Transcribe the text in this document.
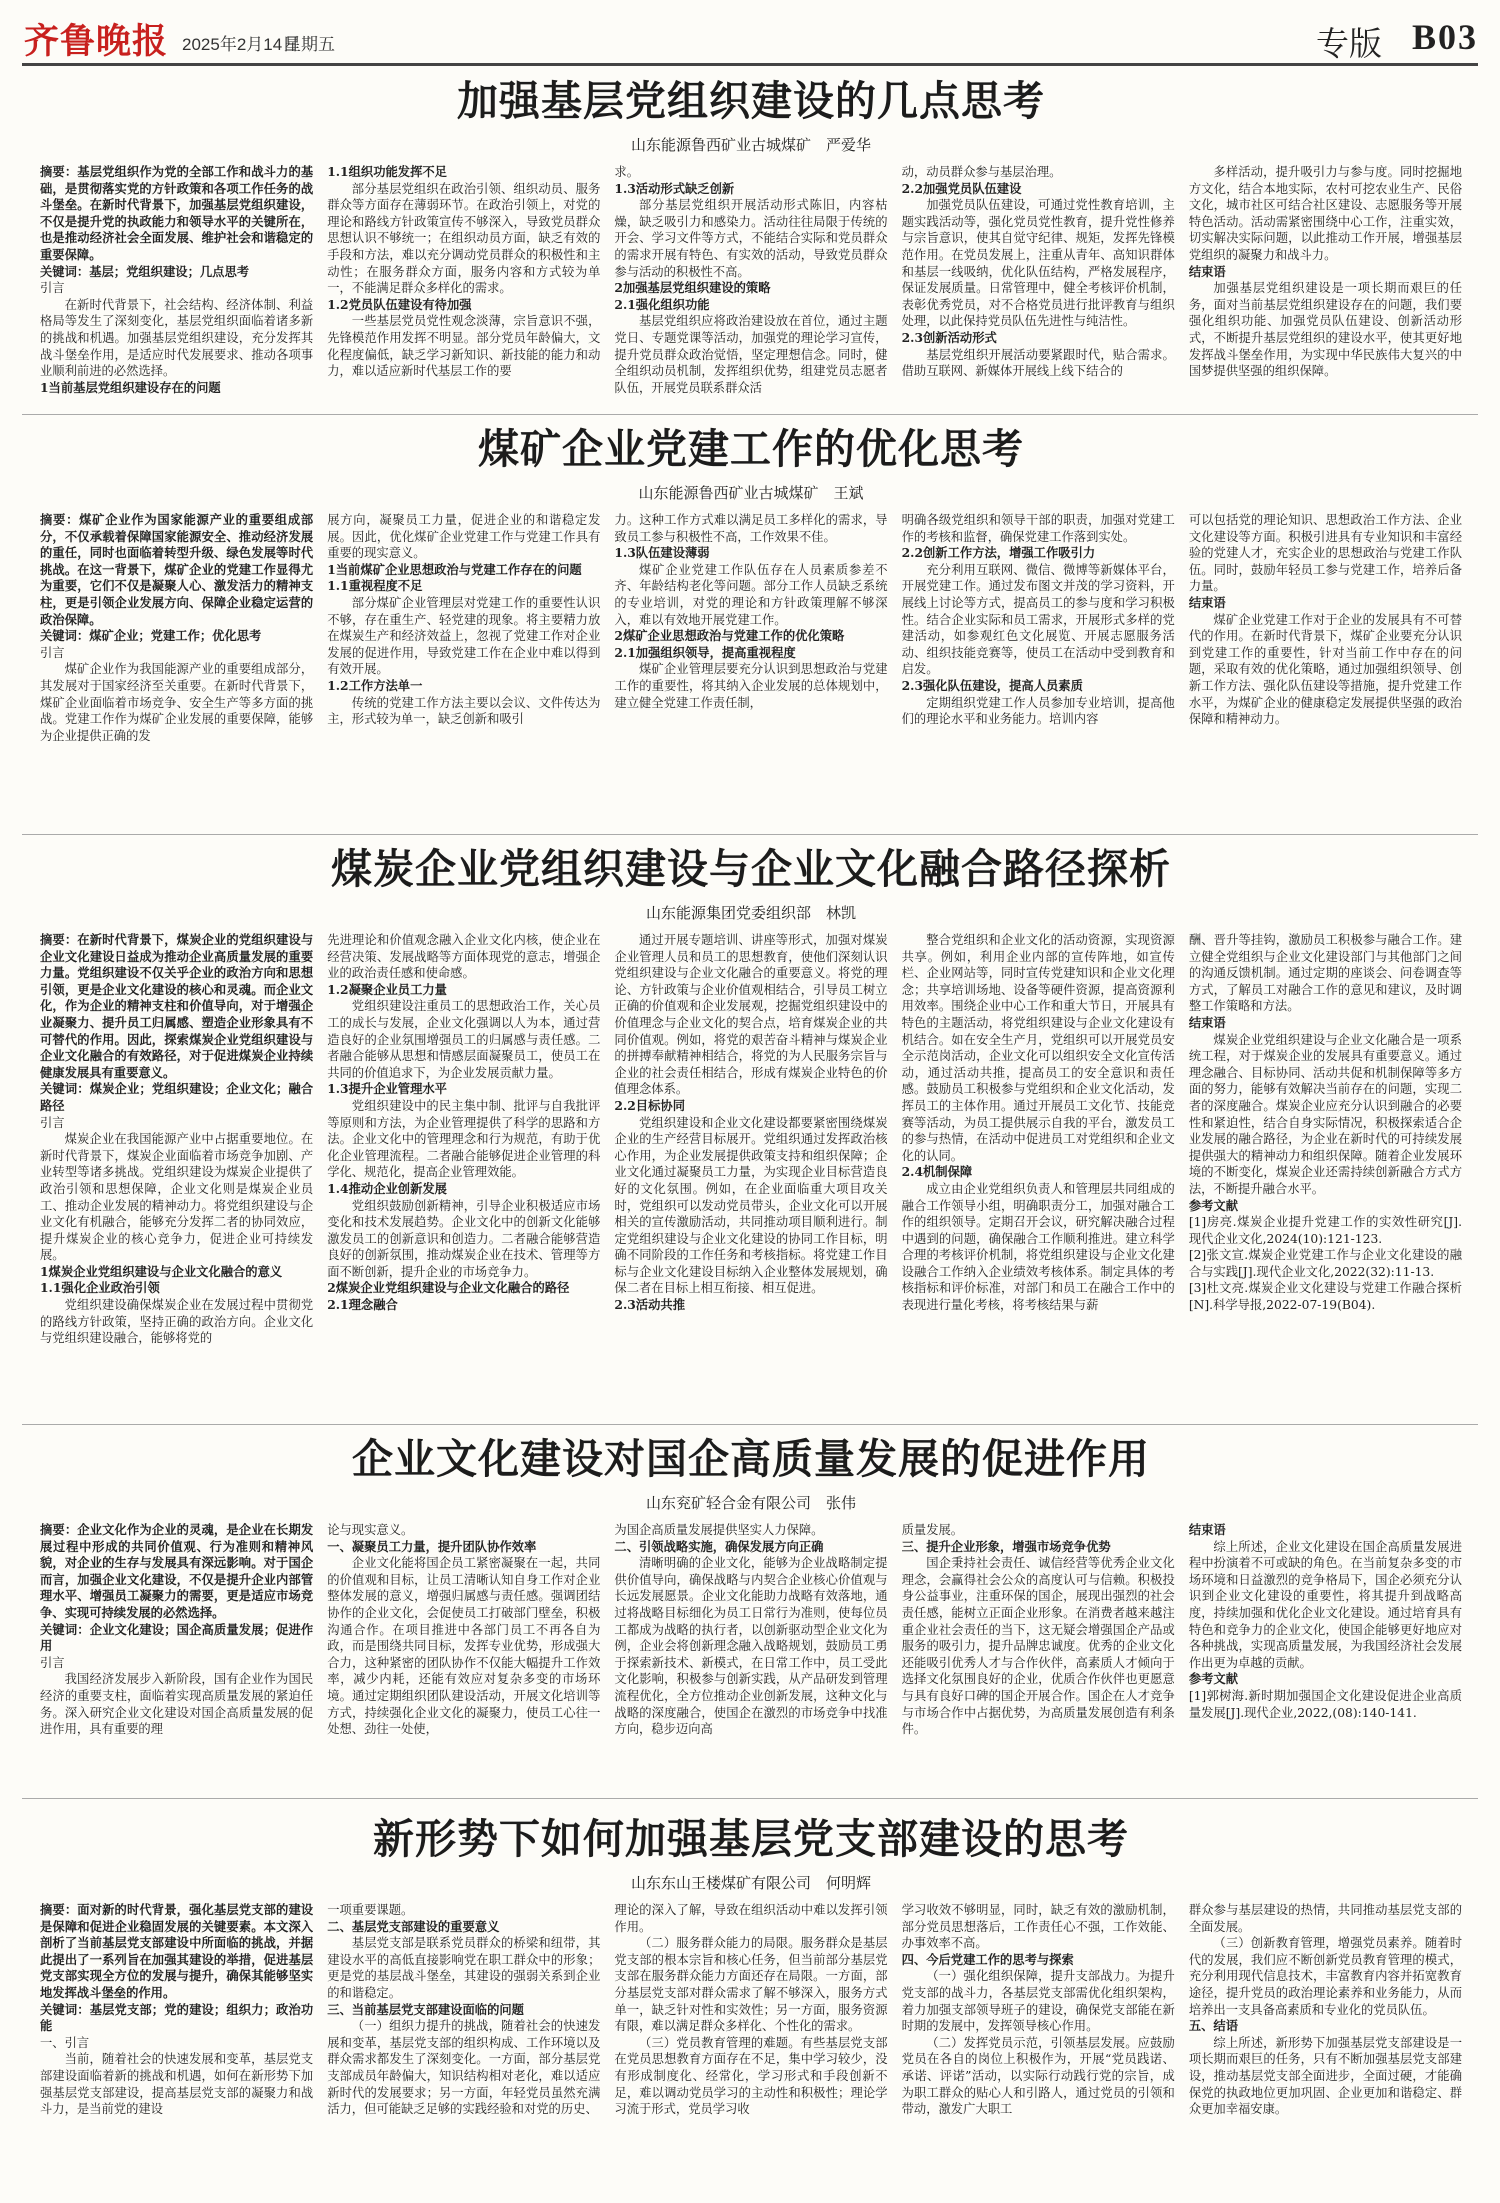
齐鲁晚报 2025年2月14日
星期五	专版 B03
加强基层党组织建设的几点思考
山东能源鲁西矿业古城煤矿　严爱华

摘要：基层党组织作为党的全部工作和战斗力的基础，是贯彻落实党的方针政策和各项工作任务的战斗堡垒。在新时代背景下，加强基层党组织建设，不仅是提升党的执政能力和领导水平的关键所在，也是推动经济社会全面发展、维护社会和谐稳定的重要保障。

关键词：基层；党组织建设；几点思考

引言

在新时代背景下，社会结构、经济体制、利益格局等发生了深刻变化，基层党组织面临着诸多新的挑战和机遇。加强基层党组织建设，充分发挥其战斗堡垒作用，是适应时代发展要求、推动各项事业顺利前进的必然选择。

1当前基层党组织建设存在的问题

1.1组织功能发挥不足

部分基层党组织在政治引领、组织动员、服务群众等方面存在薄弱环节。在政治引领上，对党的理论和路线方针政策宣传不够深入，导致党员群众思想认识不够统一；在组织动员方面，缺乏有效的手段和方法，难以充分调动党员群众的积极性和主动性；在服务群众方面，服务内容和方式较为单一，不能满足群众多样化的需求。

1.2党员队伍建设有待加强

一些基层党员党性观念淡薄，宗旨意识不强，先锋模范作用发挥不明显。部分党员年龄偏大，文化程度偏低，缺乏学习新知识、新技能的能力和动力，难以适应新时代基层工作的要

求。

1.3活动形式缺乏创新

部分基层党组织开展活动形式陈旧，内容枯燥，缺乏吸引力和感染力。活动往往局限于传统的开会、学习文件等方式，不能结合实际和党员群众的需求开展有特色、有实效的活动，导致党员群众参与活动的积极性不高。

2加强基层党组织建设的策略

2.1强化组织功能

基层党组织应将政治建设放在首位，通过主题党日、专题党课等活动，加强党的理论学习宣传，提升党员群众政治觉悟，坚定理想信念。同时，健全组织动员机制，发挥组织优势，组建党员志愿者队伍，开展党员联系群众活

动，动员群众参与基层治理。

2.2加强党员队伍建设

加强党员队伍建设，可通过党性教育培训，主题实践活动等，强化党员党性教育，提升党性修养与宗旨意识，使其自觉守纪律、规矩，发挥先锋模范作用。在党员发展上，注重从青年、高知识群体和基层一线吸纳，优化队伍结构，严格发展程序，保证发展质量。日常管理中，健全考核评价机制，表彰优秀党员，对不合格党员进行批评教育与组织处理，以此保持党员队伍先进性与纯洁性。

2.3创新活动形式

基层党组织开展活动要紧跟时代，贴合需求。借助互联网、新媒体开展线上线下结合的

多样活动，提升吸引力与参与度。同时挖掘地方文化，结合本地实际，农村可挖农业生产、民俗文化，城市社区可结合社区建设、志愿服务等开展特色活动。活动需紧密围绕中心工作，注重实效，切实解决实际问题，以此推动工作开展，增强基层党组织的凝聚力和战斗力。

结束语

加强基层党组织建设是一项长期而艰巨的任务，面对当前基层党组织建设存在的问题，我们要强化组织功能、加强党员队伍建设、创新活动形式，不断提升基层党组织的建设水平，使其更好地发挥战斗堡垒作用，为实现中华民族伟大复兴的中国梦提供坚强的组织保障。

煤矿企业党建工作的优化思考
山东能源鲁西矿业古城煤矿　王斌

摘要：煤矿企业作为国家能源产业的重要组成部分，不仅承载着保障国家能源安全、推动经济发展的重任，同时也面临着转型升级、绿色发展等时代挑战。在这一背景下，煤矿企业的党建工作显得尤为重要，它们不仅是凝聚人心、激发活力的精神支柱，更是引领企业发展方向、保障企业稳定运营的政治保障。

关键词：煤矿企业；党建工作；优化思考

引言

煤矿企业作为我国能源产业的重要组成部分，其发展对于国家经济至关重要。在新时代背景下，煤矿企业面临着市场竞争、安全生产等多方面的挑战。党建工作作为煤矿企业发展的重要保障，能够为企业提供正确的发

展方向，凝聚员工力量，促进企业的和谐稳定发展。因此，优化煤矿企业党建工作与党建工作具有重要的现实意义。

1当前煤矿企业思想政治与党建工作存在的问题

1.1重视程度不足

部分煤矿企业管理层对党建工作的重要性认识不够，存在重生产、轻党建的现象。将主要精力放在煤炭生产和经济效益上，忽视了党建工作对企业发展的促进作用，导致党建工作在企业中难以得到有效开展。

1.2工作方法单一

传统的党建工作方法主要以会议、文件传达为主，形式较为单一，缺乏创新和吸引

力。这种工作方式难以满足员工多样化的需求，导致员工参与积极性不高，工作效果不佳。

1.3队伍建设薄弱

煤矿企业党建工作队伍存在人员素质参差不齐、年龄结构老化等问题。部分工作人员缺乏系统的专业培训，对党的理论和方针政策理解不够深入，难以有效地开展党建工作。

2煤矿企业思想政治与党建工作的优化策略

2.1加强组织领导，提高重视程度

煤矿企业管理层要充分认识到思想政治与党建工作的重要性，将其纳入企业发展的总体规划中，建立健全党建工作责任制，

明确各级党组织和领导干部的职责，加强对党建工作的考核和监督，确保党建工作落到实处。

2.2创新工作方法，增强工作吸引力

充分利用互联网、微信、微博等新媒体平台，开展党建工作。通过发布图文并茂的学习资料，开展线上讨论等方式，提高员工的参与度和学习积极性。结合企业实际和员工需求，开展形式多样的党建活动，如参观红色文化展览、开展志愿服务活动、组织技能竞赛等，使员工在活动中受到教育和启发。

2.3强化队伍建设，提高人员素质

定期组织党建工作人员参加专业培训，提高他们的理论水平和业务能力。培训内容

可以包括党的理论知识、思想政治工作方法、企业文化建设等方面。积极引进具有专业知识和丰富经验的党建人才，充实企业的思想政治与党建工作队伍。同时，鼓励年轻员工参与党建工作，培养后备力量。

结束语

煤矿企业党建工作对于企业的发展具有不可替代的作用。在新时代背景下，煤矿企业要充分认识到党建工作的重要性，针对当前工作中存在的问题，采取有效的优化策略，通过加强组织领导、创新工作方法、强化队伍建设等措施，提升党建工作水平，为煤矿企业的健康稳定发展提供坚强的政治保障和精神动力。

煤炭企业党组织建设与企业文化融合路径探析
山东能源集团党委组织部　林凯

摘要：在新时代背景下，煤炭企业的党组织建设与企业文化建设日益成为推动企业高质量发展的重要力量。党组织建设不仅关乎企业的政治方向和思想引领，更是企业文化建设的核心和灵魂。而企业文化，作为企业的精神支柱和价值导向，对于增强企业凝聚力、提升员工归属感、塑造企业形象具有不可替代的作用。因此，探索煤炭企业党组织建设与企业文化融合的有效路径，对于促进煤炭企业持续健康发展具有重要意义。

关键词：煤炭企业；党组织建设；企业文化；融合路径

引言

煤炭企业在我国能源产业中占据重要地位。在新时代背景下，煤炭企业面临着市场竞争加剧、产业转型等诸多挑战。党组织建设为煤炭企业提供了政治引领和思想保障，企业文化则是煤炭企业员工、推动企业发展的精神动力。将党组织建设与企业文化有机融合，能够充分发挥二者的协同效应，提升煤炭企业的核心竞争力，促进企业可持续发展。

1煤炭企业党组织建设与企业文化融合的意义

1.1强化企业政治引领

党组织建设确保煤炭企业在发展过程中贯彻党的路线方针政策，坚持正确的政治方向。企业文化与党组织建设融合，能够将党的

先进理论和价值观念融入企业文化内核，使企业在经营决策、发展战略等方面体现党的意志，增强企业的政治责任感和使命感。

1.2凝聚企业员工力量

党组织建设注重员工的思想政治工作，关心员工的成长与发展，企业文化强调以人为本，通过营造良好的企业氛围增强员工的归属感与责任感。二者融合能够从思想和情感层面凝聚员工，使员工在共同的价值追求下，为企业发展贡献力量。

1.3提升企业管理水平

党组织建设中的民主集中制、批评与自我批评等原则和方法，为企业管理提供了科学的思路和方法。企业文化中的管理理念和行为规范，有助于优化企业管理流程。二者融合能够促进企业管理的科学化、规范化，提高企业管理效能。

1.4推动企业创新发展

党组织鼓励创新精神，引导企业积极适应市场变化和技术发展趋势。企业文化中的创新文化能够激发员工的创新意识和创造力。二者融合能够营造良好的创新氛围，推动煤炭企业在技术、管理等方面不断创新，提升企业的市场竞争力。

2煤炭企业党组织建设与企业文化融合的路径

2.1理念融合

通过开展专题培训、讲座等形式，加强对煤炭企业管理人员和员工的思想教育，使他们深刻认识党组织建设与企业文化融合的重要意义。将党的理论、方针政策与企业价值观相结合，引导员工树立正确的价值观和企业发展观，挖掘党组织建设中的价值理念与企业文化的契合点，培育煤炭企业的共同价值观。例如，将党的艰苦奋斗精神与煤炭企业的拼搏奉献精神相结合，将党的为人民服务宗旨与企业的社会责任相结合，形成有煤炭企业特色的价值理念体系。

2.2目标协同

党组织建设和企业文化建设都要紧密围绕煤炭企业的生产经营目标展开。党组织通过发挥政治核心作用，为企业发展提供政策支持和组织保障；企业文化通过凝聚员工力量，为实现企业目标营造良好的文化氛围。例如，在企业面临重大项目攻关时，党组织可以发动党员带头，企业文化可以开展相关的宣传激励活动，共同推动项目顺利进行。制定党组织建设与企业文化建设的协同工作目标，明确不同阶段的工作任务和考核指标。将党建工作目标与企业文化建设目标纳入企业整体发展规划，确保二者在目标上相互衔接、相互促进。

2.3活动共推

整合党组织和企业文化的活动资源，实现资源共享。例如，利用企业内部的宣传阵地，如宣传栏、企业网站等，同时宣传党建知识和企业文化理念；共享培训场地、设备等硬件资源，提高资源利用效率。围绕企业中心工作和重大节日，开展具有特色的主题活动，将党组织建设与企业文化建设有机结合。如在安全生产月，党组织可以开展党员安全示范岗活动，企业文化可以组织安全文化宣传活动，通过活动共推，提高员工的安全意识和责任感。鼓励员工积极参与党组织和企业文化活动，发挥员工的主体作用。通过开展员工文化节、技能竞赛等活动，为员工提供展示自我的平台，激发员工的参与热情，在活动中促进员工对党组织和企业文化的认同。

2.4机制保障

成立由企业党组织负责人和管理层共同组成的融合工作领导小组，明确职责分工，加强对融合工作的组织领导。定期召开会议，研究解决融合过程中遇到的问题，确保融合工作顺利推进。建立科学合理的考核评价机制，将党组织建设与企业文化建设融合工作纳入企业绩效考核体系。制定具体的考核指标和评价标准，对部门和员工在融合工作中的表现进行量化考核，将考核结果与薪

酬、晋升等挂钩，激励员工积极参与融合工作。建立健全党组织与企业文化建设部门与其他部门之间的沟通反馈机制。通过定期的座谈会、问卷调查等方式，了解员工对融合工作的意见和建议，及时调整工作策略和方法。

结束语

煤炭企业党组织建设与企业文化融合是一项系统工程，对于煤炭企业的发展具有重要意义。通过理念融合、目标协同、活动共促和机制保障等多方面的努力，能够有效解决当前存在的问题，实现二者的深度融合。煤炭企业应充分认识到融合的必要性和紧迫性，结合自身实际情况，积极探索适合企业发展的融合路径，为企业在新时代的可持续发展提供强大的精神动力和组织保障。随着企业发展环境的不断变化，煤炭企业还需持续创新融合方式方法，不断提升融合水平。

参考文献

[1]房亮.煤炭企业提升党建工作的实效性研究[J].现代企业文化,2024(10):121-123.

[2]张文宣.煤炭企业党建工作与企业文化建设的融合与实践[J].现代企业文化,2022(32):11-13.

[3]杜文亮.煤炭企业文化建设与党建工作融合探析[N].科学导报,2022-07-19(B04).

企业文化建设对国企高质量发展的促进作用
山东兖矿轻合金有限公司　张伟

摘要：企业文化作为企业的灵魂，是企业在长期发展过程中形成的共同价值观、行为准则和精神风貌，对企业的生存与发展具有深远影响。对于国企而言，加强企业文化建设，不仅是提升企业内部管理水平、增强员工凝聚力的需要，更是适应市场竞争、实现可持续发展的必然选择。

关键词：企业文化建设；国企高质量发展；促进作用

引言

我国经济发展步入新阶段，国有企业作为国民经济的重要支柱，面临着实现高质量发展的紧迫任务。深入研究企业文化建设对国企高质量发展的促进作用，具有重要的理

论与现实意义。

一、凝聚员工力量，提升团队协作效率

企业文化能将国企员工紧密凝聚在一起，共同的价值观和目标，让员工清晰认知自身工作对企业整体发展的意义，增强归属感与责任感。强调团结协作的企业文化，会促使员工打破部门壁垒，积极沟通合作。在项目推进中各部门员工不再各自为政，而是围绕共同目标，发挥专业优势，形成强大合力，这种紧密的团队协作不仅能大幅提升工作效率，减少内耗，还能有效应对复杂多变的市场环境。通过定期组织团队建设活动，开展文化培训等方式，持续强化企业文化的凝聚力，使员工心往一处想、劲往一处使，

为国企高质量发展提供坚实人力保障。

二、引领战略实施，确保发展方向正确

清晰明确的企业文化，能够为企业战略制定提供价值导向，确保战略与内契合企业核心价值观与长远发展愿景。企业文化能助力战略有效落地，通过将战略目标细化为员工日常行为准则，使每位员工都成为战略的执行者，以创新驱动型企业文化为例，企业会将创新理念融入战略规划，鼓励员工勇于探索新技术、新模式，在日常工作中，员工受此文化影响，积极参与创新实践，从产品研发到管理流程优化，全方位推动企业创新发展，这种文化与战略的深度融合，使国企在激烈的市场竞争中找准方向，稳步迈向高

质量发展。

三、提升企业形象，增强市场竞争优势

国企秉持社会责任、诚信经营等优秀企业文化理念，会赢得社会公众的高度认可与信赖。积极投身公益事业，注重环保的国企，展现出强烈的社会责任感，能树立正面企业形象。在消费者越来越注重企业社会责任的当下，这无疑会增强国企产品或服务的吸引力，提升品牌忠诚度。优秀的企业文化还能吸引优秀人才与合作伙伴，高素质人才倾向于选择文化氛围良好的企业，优质合作伙伴也更愿意与具有良好口碑的国企开展合作。国企在人才竞争与市场合作中占据优势，为高质量发展创造有利条件。

结束语

综上所述，企业文化建设在国企高质量发展进程中扮演着不可或缺的角色。在当前复杂多变的市场环境和日益激烈的竞争格局下，国企必须充分认识到企业文化建设的重要性，将其提升到战略高度，持续加强和优化企业文化建设。通过培育具有特色和竞争力的企业文化，使国企能够更好地应对各种挑战，实现高质量发展，为我国经济社会发展作出更为卓越的贡献。

参考文献

[1]郭树海.新时期加强国企文化建设促进企业高质量发展[J].现代企业,2022,(08):140-141.

新形势下如何加强基层党支部建设的思考
山东东山王楼煤矿有限公司　何明辉

摘要：面对新的时代背景，强化基层党支部的建设是保障和促进企业稳固发展的关键要素。本文深入剖析了当前基层党支部建设中所面临的挑战，并据此提出了一系列旨在加强其建设的举措，促进基层党支部实现全方位的发展与提升，确保其能够坚实地发挥战斗堡垒的作用。

关键词：基层党支部；党的建设；组织力；政治功能

一、引言

当前，随着社会的快速发展和变革，基层党支部建设面临着新的挑战和机遇，如何在新形势下加强基层党支部建设，提高基层党支部的凝聚力和战斗力，是当前党的建设

一项重要课题。

二、基层党支部建设的重要意义

基层党支部是联系党员群众的桥梁和纽带，其建设水平的高低直接影响党在职工群众中的形象；更是党的基层战斗堡垒，其建设的强弱关系到企业的和谐稳定。

三、当前基层党支部建设面临的问题

（一）组织力提升的挑战，随着社会的快速发展和变革，基层党支部的组织构成、工作环境以及群众需求都发生了深刻变化。一方面，部分基层党支部成员年龄偏大，知识结构相对老化，难以适应新时代的发展要求；另一方面，年轻党员虽然充满活力，但可能缺乏足够的实践经验和对党的历史、

理论的深入了解，导致在组织活动中难以发挥引领作用。

（二）服务群众能力的局限。服务群众是基层党支部的根本宗旨和核心任务，但当前部分基层党支部在服务群众能力方面还存在局限。一方面，部分基层党支部对群众需求了解不够深入，服务方式单一，缺乏针对性和实效性；另一方面，服务资源有限，难以满足群众多样化、个性化的需求。

（三）党员教育管理的难题。有些基层党支部在党员思想教育方面存在不足，集中学习较少，没有形成制度化、经常化，学习形式和手段创新不足，难以调动党员学习的主动性和积极性；理论学习流于形式，党员学习收

学习收效不够明显，同时，缺乏有效的激励机制，部分党员思想落后，工作责任心不强，工作效能、办事效率不高。

四、今后党建工作的思考与探索

（一）强化组织保障，提升支部战力。为提升党支部的战斗力，各基层党支部需优化组织架构，着力加强支部领导班子的建设，确保党支部能在新时期的发展中，发挥领导核心作用。

（二）发挥党员示范，引领基层发展。应鼓励党员在各自的岗位上积极作为，开展“党员践诺、承诺、评诺”活动，以实际行动践行党的宗旨，成为职工群众的贴心人和引路人，通过党员的引领和带动，激发广大职工

群众参与基层建设的热情，共同推动基层党支部的全面发展。

（三）创新教育管理，增强党员素养。随着时代的发展，我们应不断创新党员教育管理的模式，充分利用现代信息技术，丰富教育内容并拓宽教育途径，提升党员的政治理论素养和业务能力，从而培养出一支具备高素质和专业化的党员队伍。

五、结语

综上所述，新形势下加强基层党支部建设是一项长期而艰巨的任务，只有不断加强基层党支部建设，推动基层党支部全面进步，全面过硬，才能确保党的执政地位更加巩固、企业更加和谐稳定、群众更加幸福安康。
